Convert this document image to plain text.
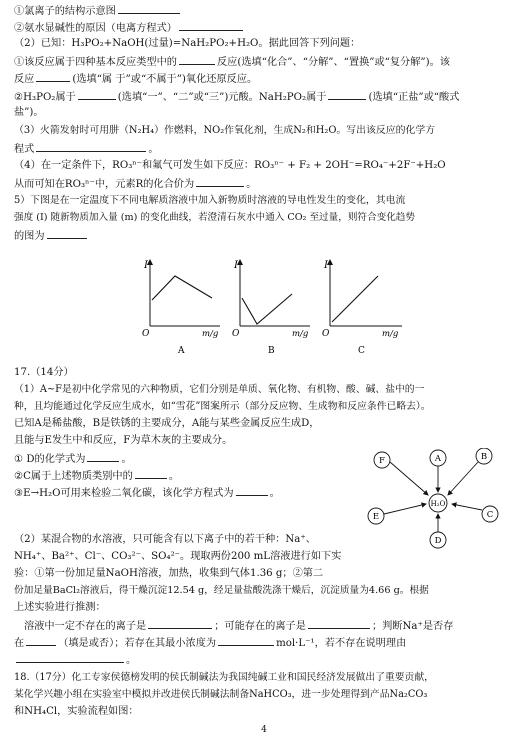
①氯离子的结构示意图
②氨水显碱性的原因（电离方程式）
（2）已知：H₃PO₂+NaOH(过量)=NaH₂PO₂+H₂O。据此回答下列问题：
①该反应属于四种基本反应类型中的	反应(选填“化合”、“分解”、“置换”或“复分解”)。该
反应	(选填“属 于”或“不属于”)氧化还原反应。
②H₃PO₂属于	(选填“一”、“二”或“三”)元酸。NaH₂PO₂属于	(选填“正盐”或“酸式
盐”)。
（3）火箭发射时可用肼（N₂H₄）作燃料，NO₂作氧化剂，生成N₂和H₂O。写出该反应的化学方
程式	。
（4）在一定条件下，RO₃ⁿ⁻和氟气可发生如下反应：RO₃ⁿ⁻ + F₂ + 2OH⁻=RO₄⁻+2F⁻+H₂O
从而可知在RO₃ⁿ⁻中，元素R的化合价为	。
5）下图是在一定温度下不同电解质溶液中加入新物质时溶液的导电性发生的变化，其电流
强度 (I) 随新物质加入量 (m) 的变化曲线，若澄清石灰水中通入 CO₂ 至过量，则符合变化趋势
的图为
I
O	m/g
A
I
O	m/g
B
I
O	m/g
C
17.（14分）
（1）A~F是初中化学常见的六种物质，它们分别是单质、氧化物、有机物、酸、碱、盐中的一
种，且均能通过化学反应生成水，如“雪花”图案所示（部分反应物、生成物和反应条件已略去）。
已知A是稀盐酸，B是铁锈的主要成分，A能与某些金属反应生成D，
且能与E发生中和反应，F为草木灰的主要成分。
① D的化学式为	。
②C属于上述物质类别中的	。
③E→H₂O可用来检验二氧化碳，该化学方程式为	。
A	B
C
D
E
F
H₂O
（2）某混合物的水溶液，只可能含有以下离子中的若干种：Na⁺、
NH₄⁺、Ba²⁺、Cl⁻、CO₃²⁻、SO₄²⁻。现取两份200 mL溶液进行如下实
验：①第一份加足量NaOH溶液，加热，收集到气体1.36 g；②第二
份加足量BaCl₂溶液后，得干燥沉淀12.54 g，经足量盐酸洗涤干燥后，沉淀质量为4.66 g。根据
上述实验进行推测：
溶液中一定不存在的离子是	；可能存在的离子是	；判断Na⁺是否存
在	（填是或否）；若存在其最小浓度为	mol·L⁻¹，若不存在说明理由
。
18.（17分）化工专家侯德榜发明的侯氏制碱法为我国纯碱工业和国民经济发展做出了重要贡献，
某化学兴趣小组在实验室中模拟并改进侯氏制碱法制备NaHCO₃，进一步处理得到产品Na₂CO₃
和NH₄Cl，实验流程如图：
4
